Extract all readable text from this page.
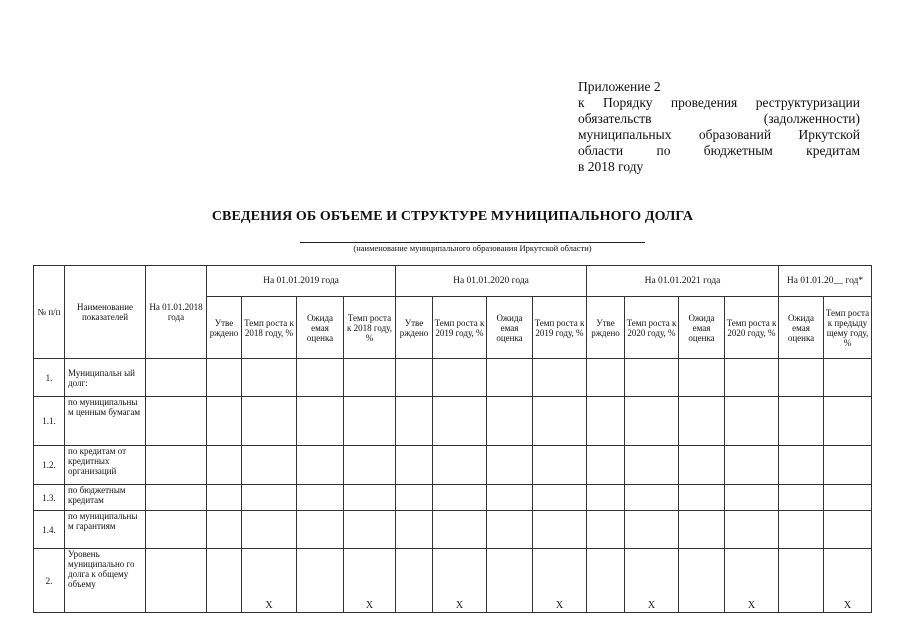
Приложение 2
к Порядку проведения реструктуризации
обязательств (задолженности)
муниципальных образований Иркутской
области по бюджетным кредитам
в 2018 году
СВЕДЕНИЯ ОБ ОБЪЕМЕ И СТРУКТУРЕ МУНИЦИПАЛЬНОГО ДОЛГА
(наименование муниципального образования Иркутской области)
№ п/п	Наименование показателей	На 01.01.2018 года	На 01.01.2019 года				На 01.01.2020 года				На 01.01.2021 года				На 01.01.20__ год*	
			Утве рждено	Темп роста к 2018 году, %	Ожида емая оценка	Темп роста к 2018 году, %	Утве рждено	Темп роста к 2019 году, %	Ожида емая оценка	Темп роста к 2019 году, %	Утве рждено	Темп роста к 2020 году, %	Ожида емая оценка	Темп роста к 2020 году, %	Ожида емая оценка	Темп роста к предыду щему году, %
1.	Муниципальн ый долг:															
1.1.	по муниципальны м ценным бумагам															
1.2.	по кредитам от кредитных организаций															
1.3.	по бюджетным кредитам															
1.4.	по муниципальны м гарантиям															
2.	Уровень муниципально го долга к общему объему			X		X		X		X		X		X		X
